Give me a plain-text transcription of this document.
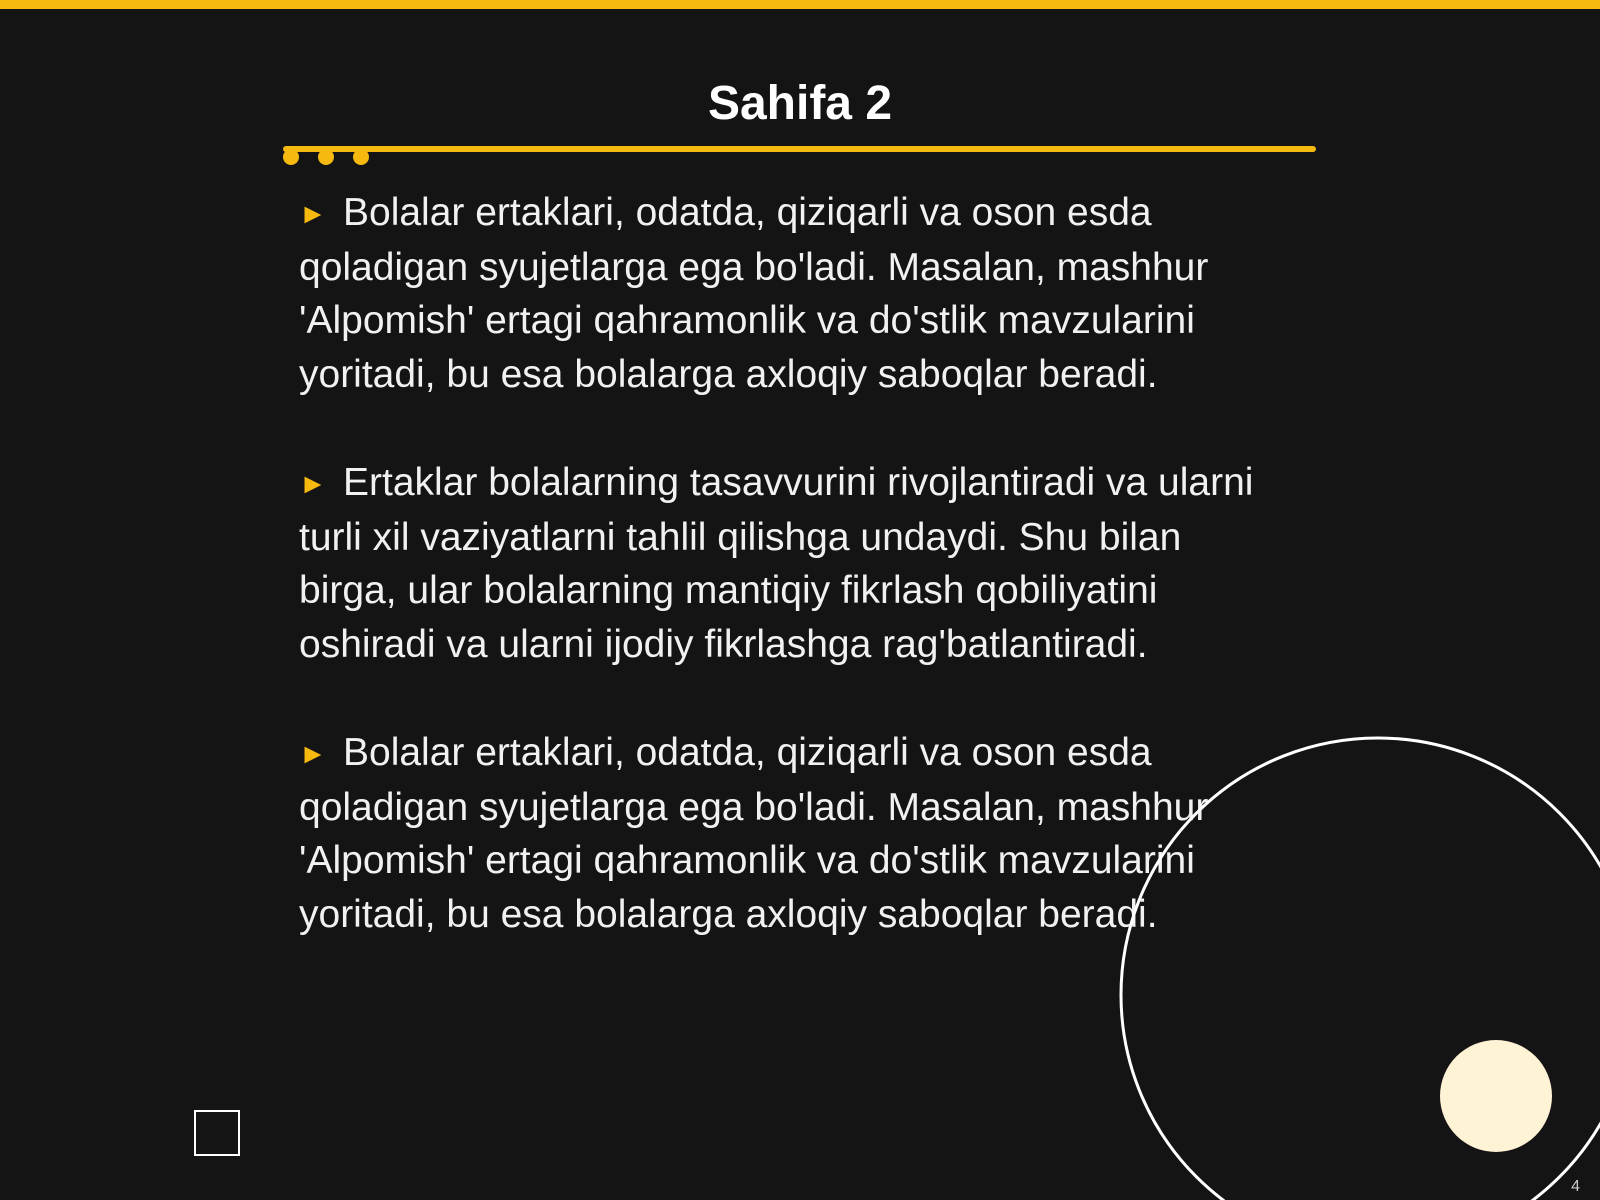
Sahifa 2

► Bolalar ertaklari, odatda, qiziqarli va oson esda qoladigan syujetlarga ega bo'ladi. Masalan, mashhur 'Alpomish' ertagi qahramonlik va do'stlik mavzularini yoritadi, bu esa bolalarga axloqiy saboqlar beradi.

► Ertaklar bolalarning tasavvurini rivojlantiradi va ularni turli xil vaziyatlarni tahlil qilishga undaydi. Shu bilan birga, ular bolalarning mantiqiy fikrlash qobiliyatini oshiradi va ularni ijodiy fikrlashga rag'batlantiradi.

► Bolalar ertaklari, odatda, qiziqarli va oson esda qoladigan syujetlarga ega bo'ladi. Masalan, mashhur 'Alpomish' ertagi qahramonlik va do'stlik mavzularini yoritadi, bu esa bolalarga axloqiy saboqlar beradi.

4
